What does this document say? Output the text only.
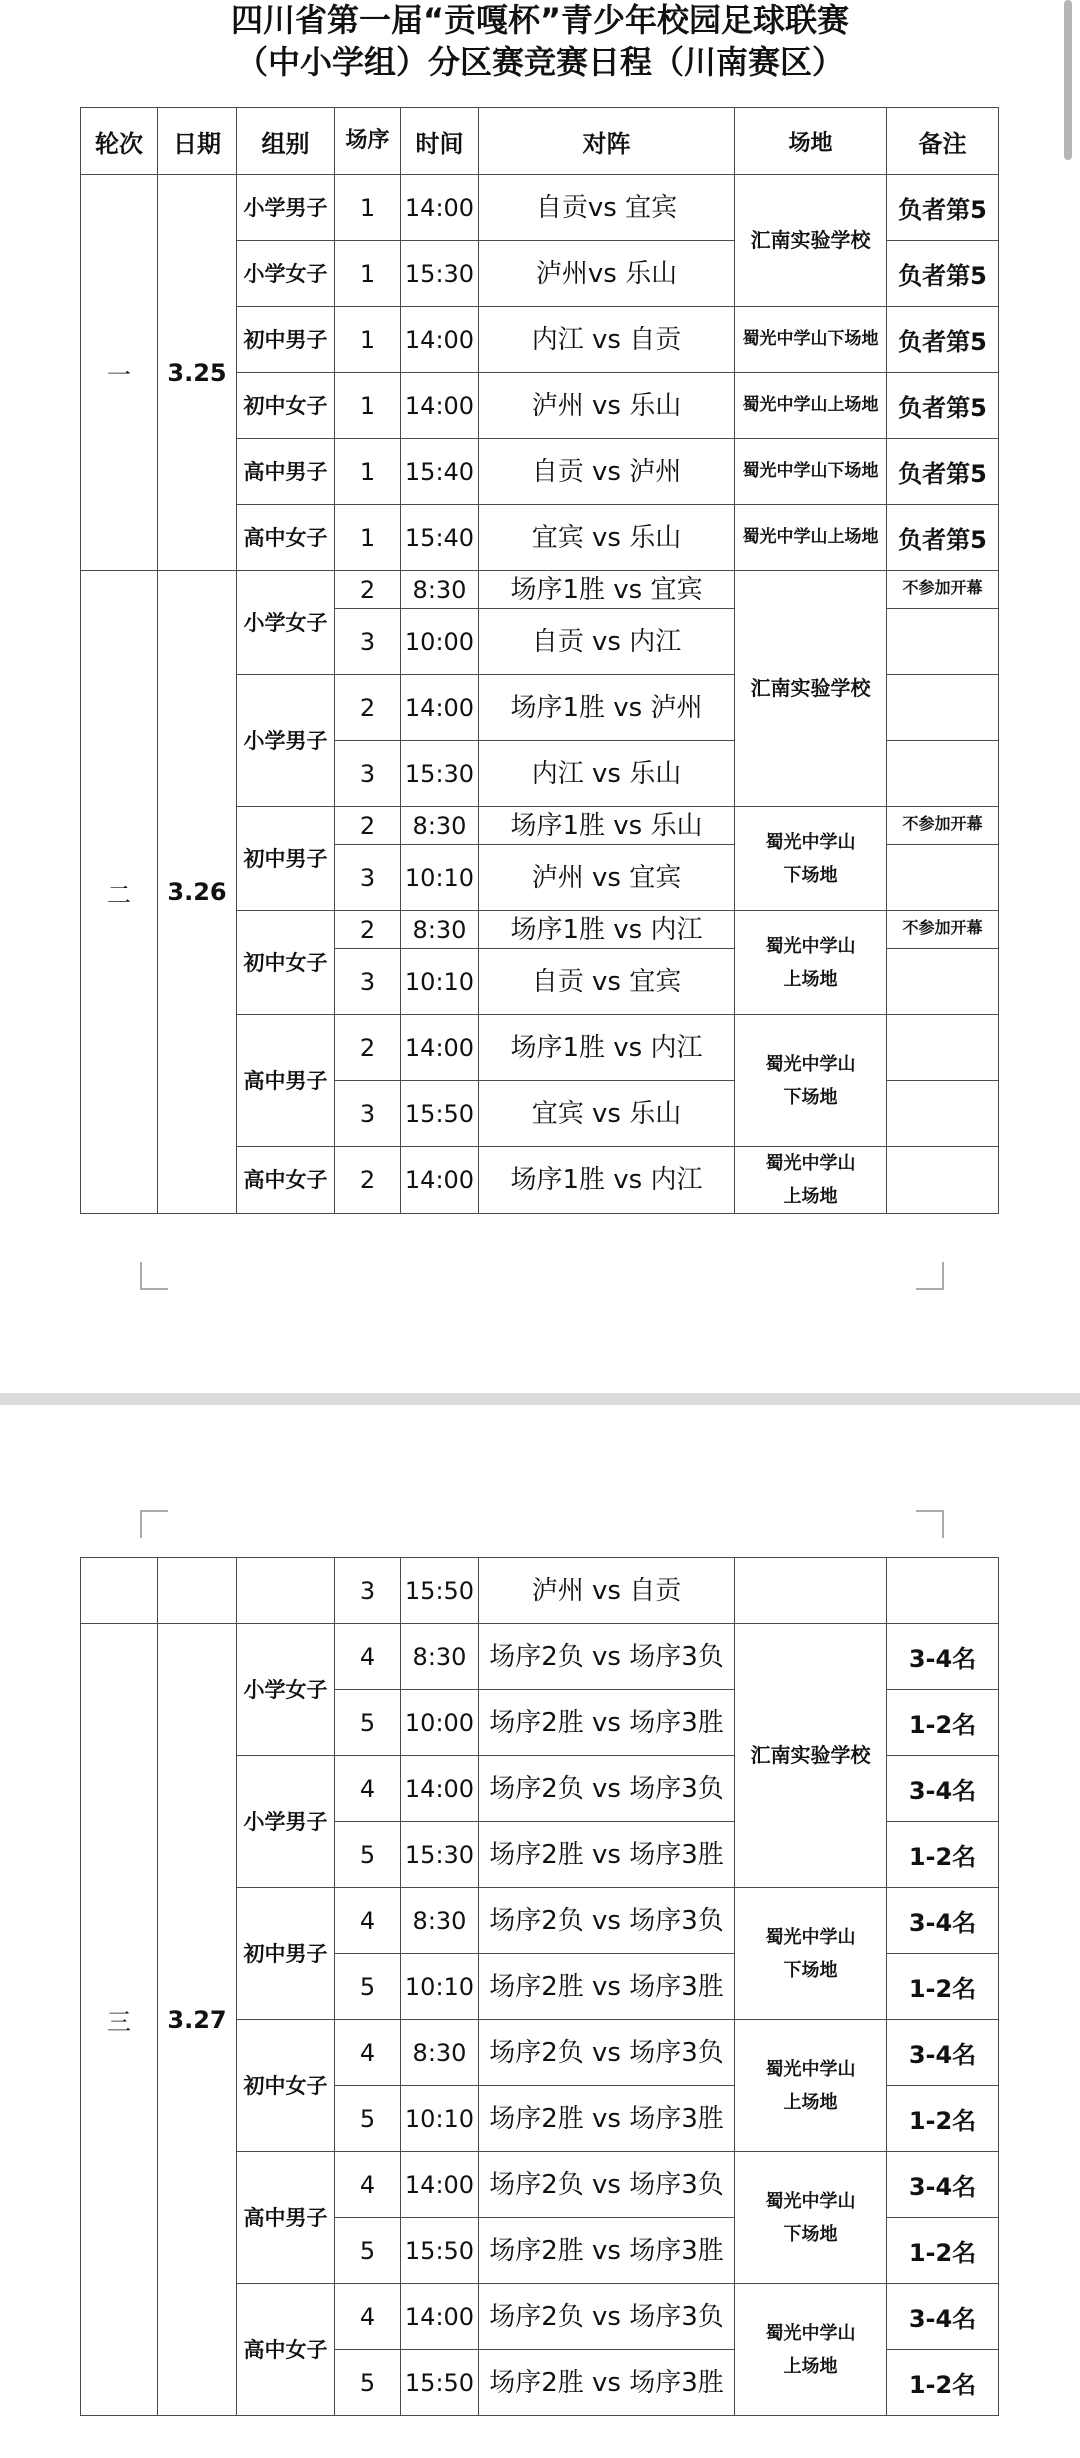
四川省第一届“贡嘎杯”青少年校园足球联赛
（中小学组）分区赛竞赛日程（川南赛区）
轮次	日期	组别	场序	时间	对阵	场地	备注
一	3.25	小学男子	1	14:00	自贡vs 宜宾	汇南实验学校	负者第5
		小学女子	1	15:30	泸州vs 乐山		负者第5
		初中男子	1	14:00	内江 vs 自贡	蜀光中学山下场地	负者第5
		初中女子	1	14:00	泸州 vs 乐山	蜀光中学山上场地	负者第5
		高中男子	1	15:40	自贡 vs 泸州	蜀光中学山下场地	负者第5
		高中女子	1	15:40	宜宾 vs 乐山	蜀光中学山上场地	负者第5
二	3.26	小学女子	2	8:30	场序1胜 vs 宜宾	汇南实验学校	不参加开幕
			3	10:00	自贡 vs 内江		
		小学男子	2	14:00	场序1胜 vs 泸州		
			3	15:30	内江 vs 乐山		
		初中男子	2	8:30	场序1胜 vs 乐山	蜀光中学山下场地	不参加开幕
			3	10:10	泸州 vs 宜宾		
		初中女子	2	8:30	场序1胜 vs 内江	蜀光中学山上场地	不参加开幕
			3	10:10	自贡 vs 宜宾		
		高中男子	2	14:00	场序1胜 vs 内江	蜀光中学山下场地	
			3	15:50	宜宾 vs 乐山		
		高中女子	2	14:00	场序1胜 vs 内江	蜀光中学山上场地	
			3	15:50	泸州 vs 自贡		
三	3.27	小学女子	4	8:30	场序2负 vs 场序3负	汇南实验学校	3-4名
			5	10:00	场序2胜 vs 场序3胜		1-2名
		小学男子	4	14:00	场序2负 vs 场序3负		3-4名
			5	15:30	场序2胜 vs 场序3胜		1-2名
		初中男子	4	8:30	场序2负 vs 场序3负	蜀光中学山下场地	3-4名
			5	10:10	场序2胜 vs 场序3胜		1-2名
		初中女子	4	8:30	场序2负 vs 场序3负	蜀光中学山上场地	3-4名
			5	10:10	场序2胜 vs 场序3胜		1-2名
		高中男子	4	14:00	场序2负 vs 场序3负	蜀光中学山下场地	3-4名
			5	15:50	场序2胜 vs 场序3胜		1-2名
		高中女子	4	14:00	场序2负 vs 场序3负	蜀光中学山上场地	3-4名
			5	15:50	场序2胜 vs 场序3胜		1-2名
